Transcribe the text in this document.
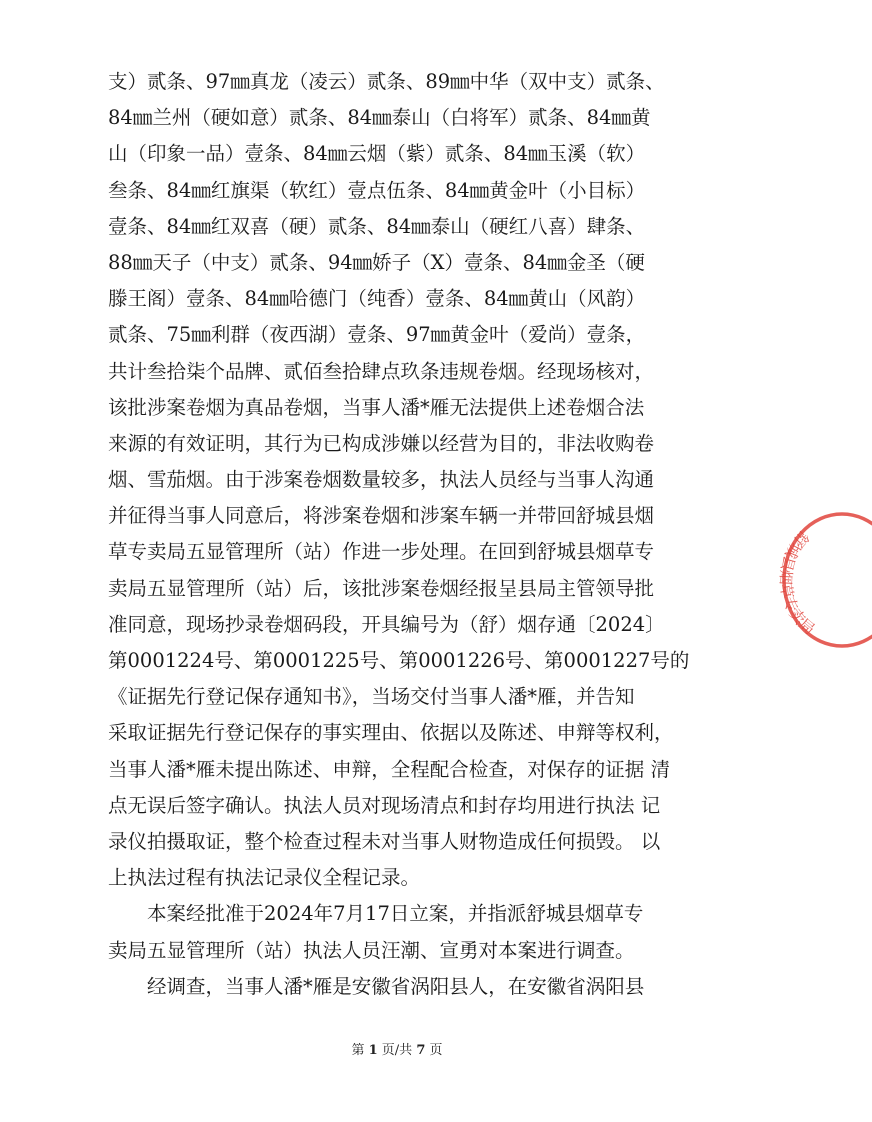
支）贰条、97㎜真龙（凌云）贰条、89㎜中华（双中支）贰条、
84㎜兰州（硬如意）贰条、84㎜泰山（白将军）贰条、84㎜黄
山（印象一品）壹条、84㎜云烟（紫）贰条、84㎜玉溪（软）
叁条、84㎜红旗渠（软红）壹点伍条、84㎜黄金叶（小目标）
壹条、84㎜红双喜（硬）贰条、84㎜泰山（硬红八喜）肆条、
88㎜天子（中支）贰条、94㎜娇子（X）壹条、84㎜金圣（硬
滕王阁）壹条、84㎜哈德门（纯香）壹条、84㎜黄山（风韵）
贰条、75㎜利群（夜西湖）壹条、97㎜黄金叶（爱尚）壹条，
共计叁拾柒个品牌、贰佰叁拾肆点玖条违规卷烟。经现场核对，
该批涉案卷烟为真品卷烟，当事人潘*雁无法提供上述卷烟合法
来源的有效证明，其行为已构成涉嫌以经营为目的，非法收购卷
烟、雪茄烟。由于涉案卷烟数量较多，执法人员经与当事人沟通
并征得当事人同意后，将涉案卷烟和涉案车辆一并带回舒城县烟
草专卖局五显管理所（站）作进一步处理。在回到舒城县烟草专
卖局五显管理所（站）后，该批涉案卷烟经报呈县局主管领导批
准同意，现场抄录卷烟码段，开具编号为（舒）烟存通〔2024〕
第0001224号、第0001225号、第0001226号、第0001227号的
《证据先行登记保存通知书》，当场交付当事人潘*雁，并告知
采取证据先行登记保存的事实理由、依据以及陈述、申辩等权利，
当事人潘*雁未提出陈述、申辩，全程配合检查，对保存的证据 清
点无误后签字确认。执法人员对现场清点和封存均用进行执法 记
录仪拍摄取证，整个检查过程未对当事人财物造成任何损毁。 以
上执法过程有执法记录仪全程记录。
本案经批准于2024年7月17日立案，并指派舒城县烟草专
卖局五显管理所（站）执法人员汪潮、宣勇对本案进行调查。
经调查，当事人潘*雁是安徽省涡阳县人，在安徽省涡阳县
第 1 页/共 7 页
舒城县烟草专卖局
